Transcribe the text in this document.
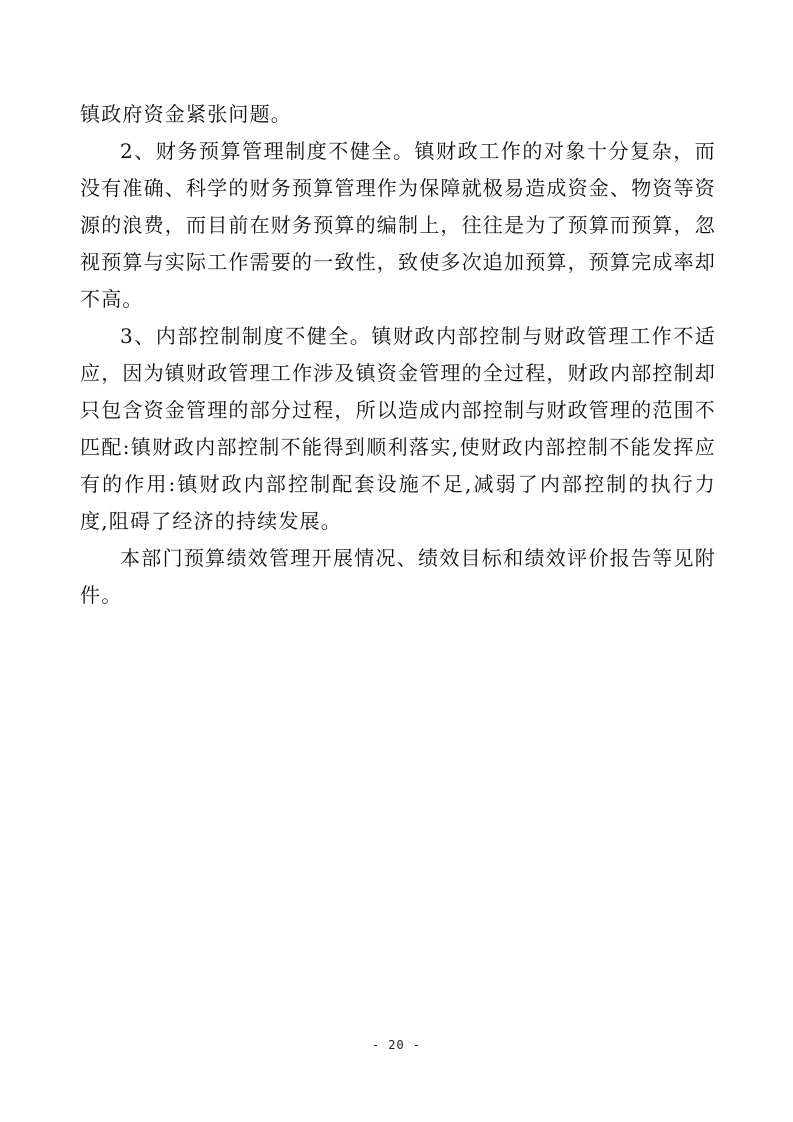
镇政府资金紧张问题。

2、财务预算管理制度不健全。镇财政工作的对象十分复杂，而没有准确、科学的财务预算管理作为保障就极易造成资金、物资等资源的浪费，而目前在财务预算的编制上，往往是为了预算而预算，忽视预算与实际工作需要的一致性，致使多次追加预算，预算完成率却不高。

3、内部控制制度不健全。镇财政内部控制与财政管理工作不适应，因为镇财政管理工作涉及镇资金管理的全过程，财政内部控制却只包含资金管理的部分过程，所以造成内部控制与财政管理的范围不匹配:镇财政内部控制不能得到顺利落实,使财政内部控制不能发挥应有的作用:镇财政内部控制配套设施不足,减弱了内部控制的执行力度,阻碍了经济的持续发展。

本部门预算绩效管理开展情况、绩效目标和绩效评价报告等见附件。

- 20 -
